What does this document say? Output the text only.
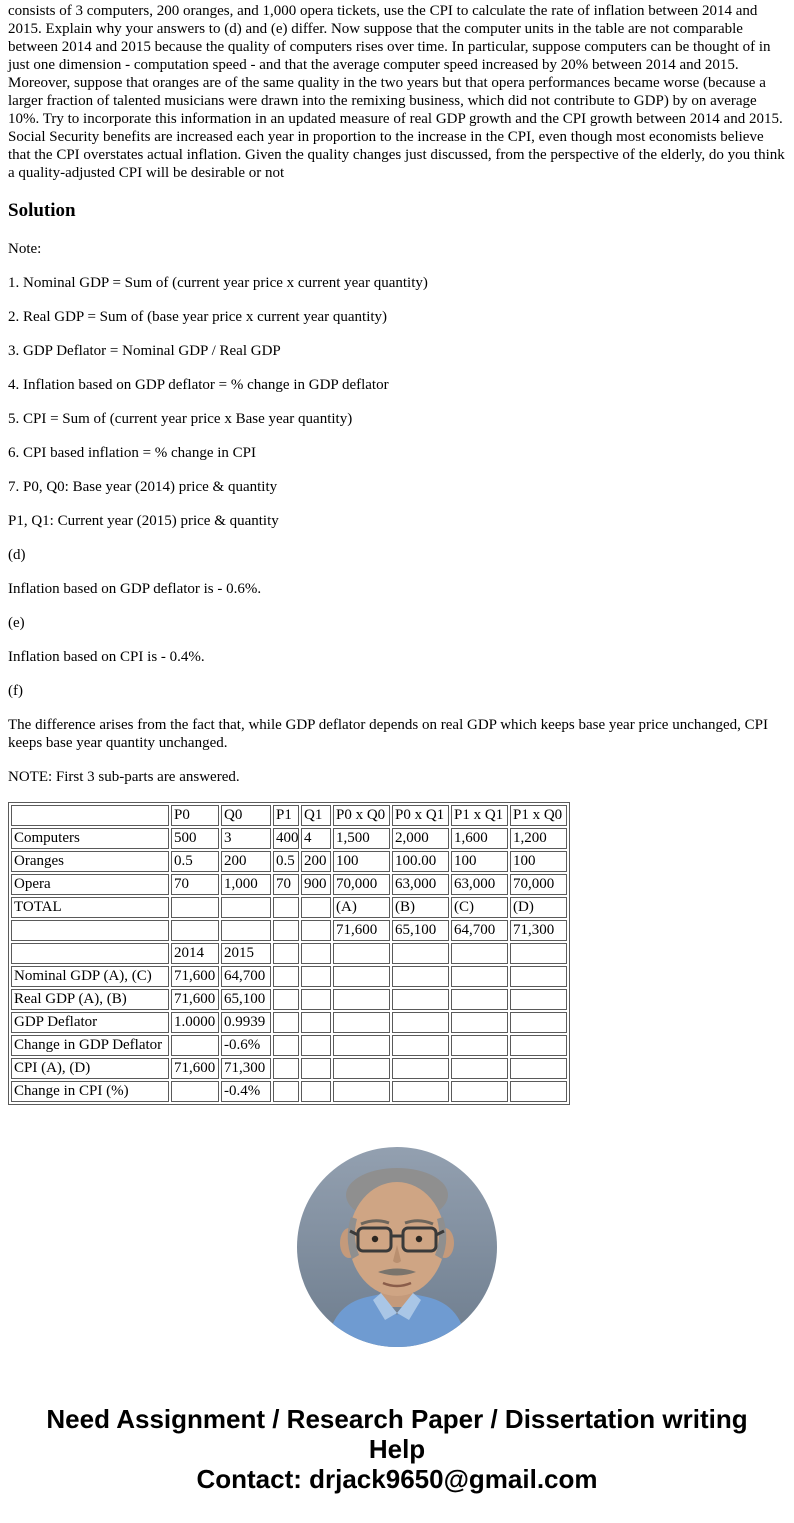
consists of 3 computers, 200 oranges, and 1,000 opera tickets, use the CPI to calculate the rate of inflation between 2014 and 2015. Explain why your answers to (d) and (e) differ. Now suppose that the computer units in the table are not comparable between 2014 and 2015 because the quality of computers rises over time. In particular, suppose computers can be thought of in just one dimension - computation speed - and that the average computer speed increased by 20% between 2014 and 2015. Moreover, suppose that oranges are of the same quality in the two years but that opera performances became worse (because a larger fraction of talented musicians were drawn into the remixing business, which did not contribute to GDP) by on average 10%. Try to incorporate this information in an updated measure of real GDP growth and the CPI growth between 2014 and 2015. Social Security benefits are increased each year in proportion to the increase in the CPI, even though most economists believe that the CPI overstates actual inflation. Given the quality changes just discussed, from the perspective of the elderly, do you think a quality-adjusted CPI will be desirable or not

Solution

Note:

1. Nominal GDP = Sum of (current year price x current year quantity)

2. Real GDP = Sum of (base year price x current year quantity)

3. GDP Deflator = Nominal GDP / Real GDP

4. Inflation based on GDP deflator = % change in GDP deflator

5. CPI = Sum of (current year price x Base year quantity)

6. CPI based inflation = % change in CPI

7. P0, Q0: Base year (2014) price & quantity

P1, Q1: Current year (2015) price & quantity

(d)

Inflation based on GDP deflator is - 0.6%.

(e)

Inflation based on CPI is - 0.4%.

(f)

The difference arises from the fact that, while GDP deflator depends on real GDP which keeps base year price unchanged, CPI keeps base year quantity unchanged.

NOTE: First 3 sub-parts are answered.

	P0	Q0	P1	Q1	P0 x Q0	P0 x Q1	P1 x Q1	P1 x Q0
Computers	500	3	400	4	1,500	2,000	1,600	1,200
Oranges	0.5	200	0.5	200	100	100.00	100	100
Opera	70	1,000	70	900	70,000	63,000	63,000	70,000
TOTAL					(A)	(B)	(C)	(D)
					71,600	65,100	64,700	71,300
	2014	2015						
Nominal GDP (A), (C)	71,600	64,700						
Real GDP (A), (B)	71,600	65,100						
GDP Deflator	1.0000	0.9939						
Change in GDP Deflator		-0.6%						
CPI (A), (D)	71,600	71,300						
Change in CPI (%)		-0.4%						
Need Assignment / Research Paper / Dissertation writing Help
Contact: drjack9650@gmail.com
